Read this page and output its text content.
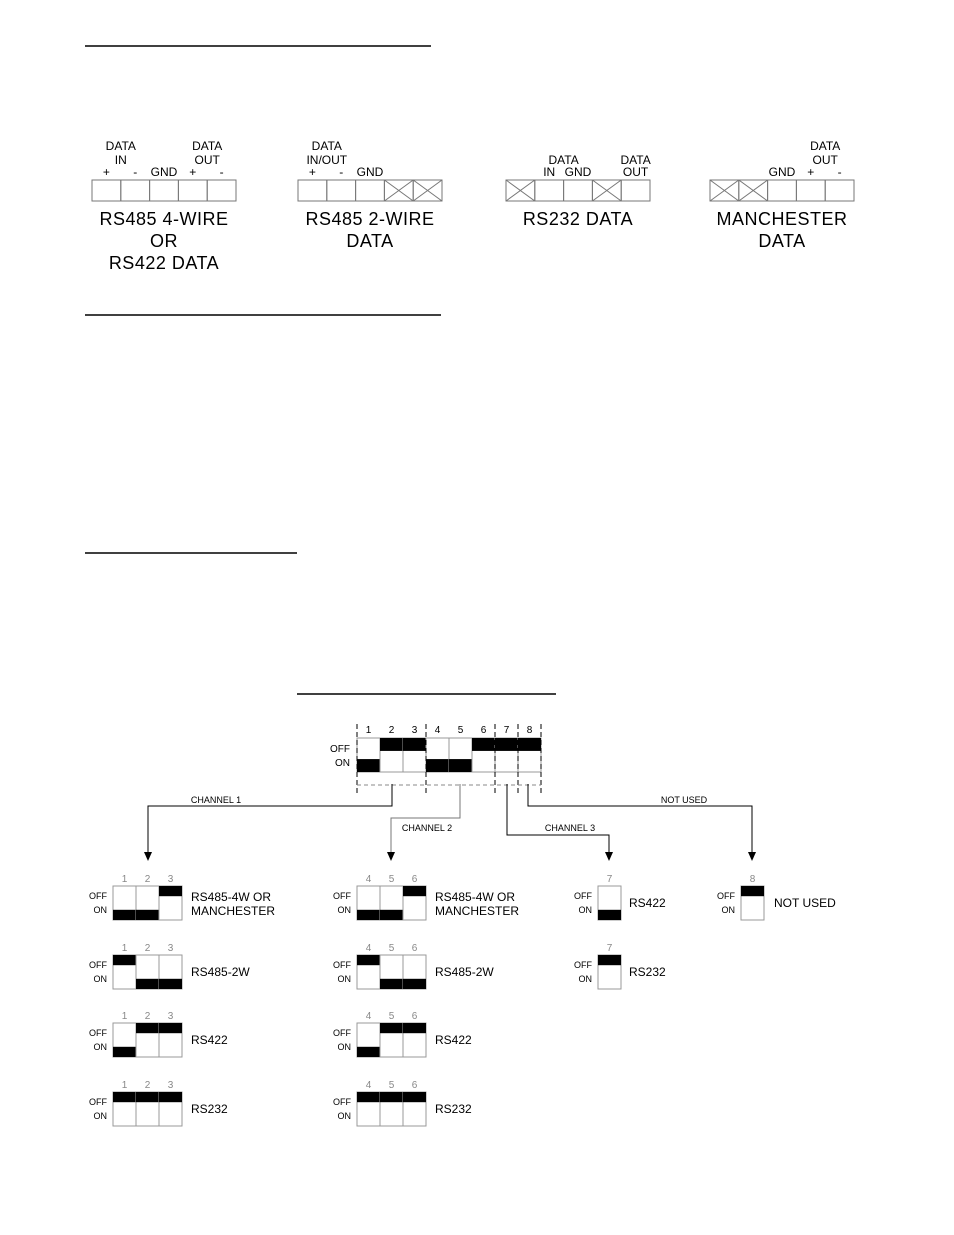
DATA
IN
DATA
OUT
+ - GND + -
RS485 4-WIRE
OR
RS422 DATA
DATA
IN/OUT
+ - GND
RS485 2-WIRE
DATA
DATA
IN GND
DATA
OUT
RS232 DATA
DATA
OUT
GND + -
MANCHESTER
DATA
1 2 3 4 5 6 7 8
OFF
ON
CHANNEL 1
CHANNEL 2	CHANNEL 3
NOT USED
1 2 3
OFF
ON
RS485-4W OR
MANCHESTER
1 2 3
OFF
ON	RS485-2W
1 2 3
OFF
ON	RS422
1 2 3
OFF
ON	RS232
4 5 6
OFF
ON
RS485-4W OR
MANCHESTER
4 5 6
OFF
ON	RS485-2W
4 5 6
OFF
ON	RS422
4 5 6
OFF
ON	RS232
7
OFF
ON	RS422
7
OFF
ON	RS232
8
OFF
ON	NOT USED
